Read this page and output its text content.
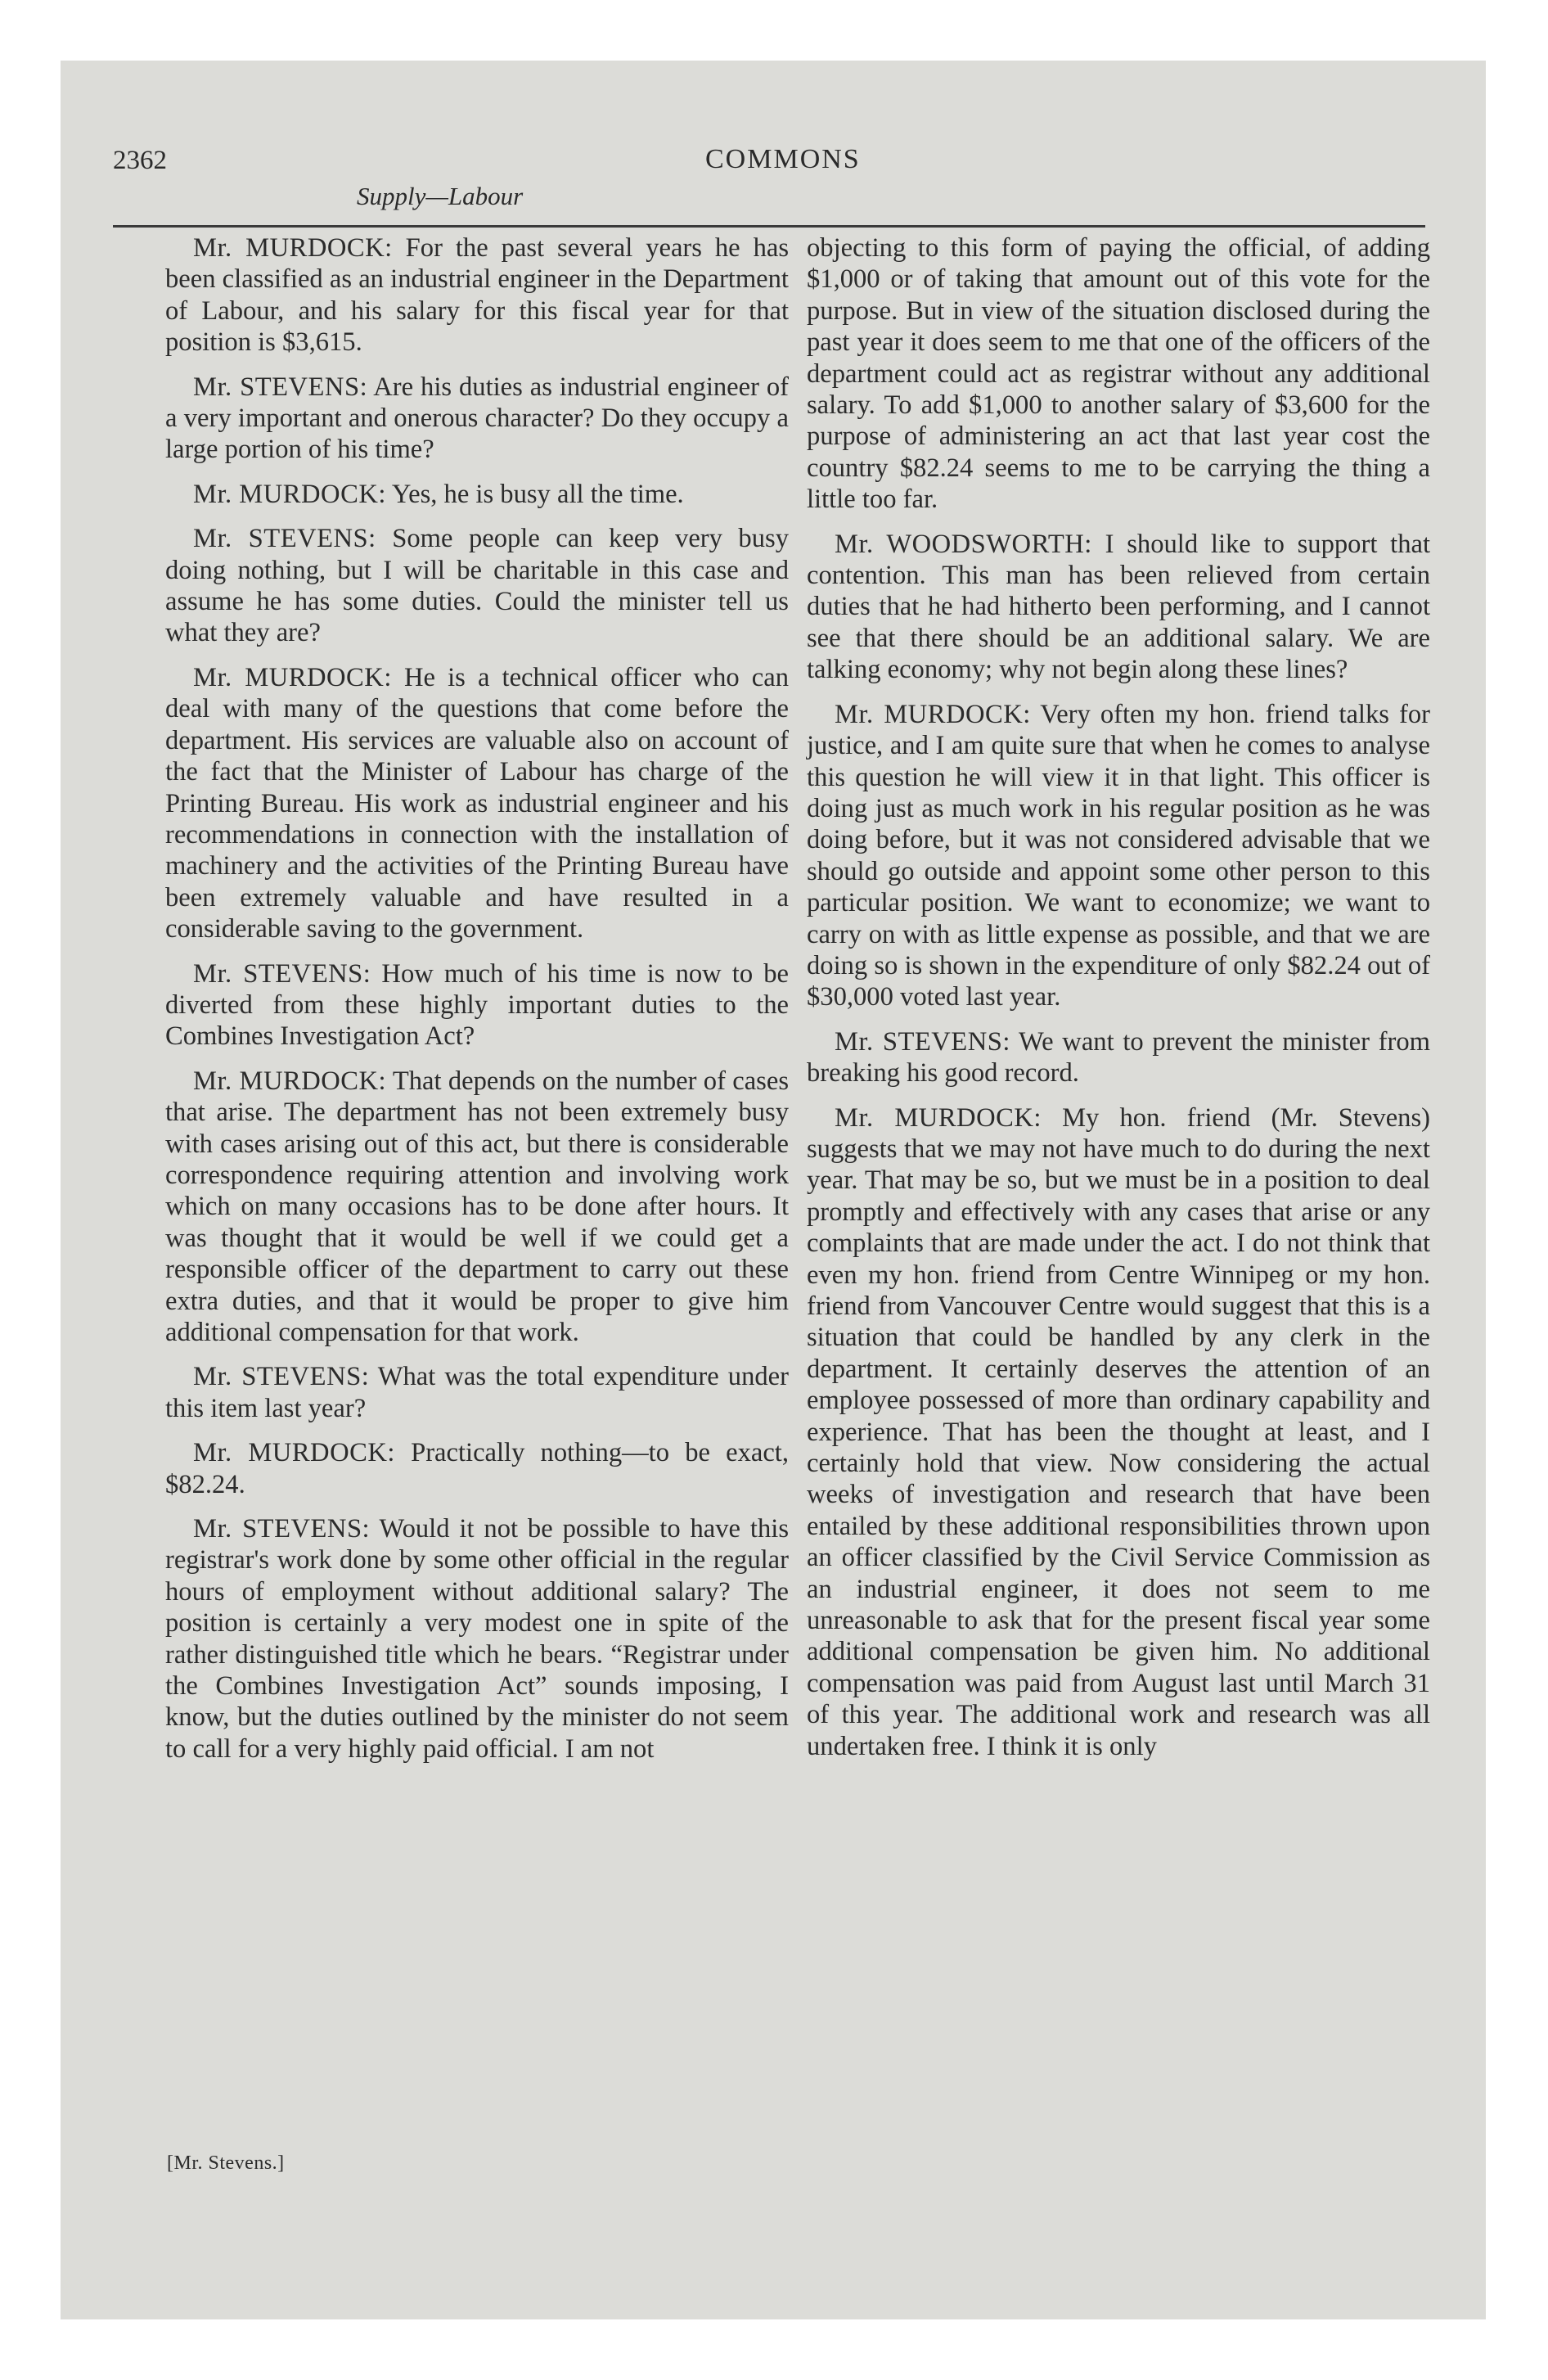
2362	COMMONS
Supply—Labour

Mr. MURDOCK: For the past several years he has been classified as an industrial engineer in the Department of Labour, and his salary for this fiscal year for that position is $3,615.

Mr. STEVENS: Are his duties as industrial engineer of a very important and onerous character? Do they occupy a large portion of his time?

Mr. MURDOCK: Yes, he is busy all the time.

Mr. STEVENS: Some people can keep very busy doing nothing, but I will be charitable in this case and assume he has some duties. Could the minister tell us what they are?

Mr. MURDOCK: He is a technical officer who can deal with many of the questions that come before the department. His services are valuable also on account of the fact that the Minister of Labour has charge of the Printing Bureau. His work as industrial engineer and his recommendations in connection with the installation of machinery and the activities of the Printing Bureau have been extremely valuable and have resulted in a considerable saving to the government.

Mr. STEVENS: How much of his time is now to be diverted from these highly important duties to the Combines Investigation Act?

Mr. MURDOCK: That depends on the number of cases that arise. The department has not been extremely busy with cases arising out of this act, but there is considerable correspondence requiring attention and involving work which on many occasions has to be done after hours. It was thought that it would be well if we could get a responsible officer of the department to carry out these extra duties, and that it would be proper to give him additional compensation for that work.

Mr. STEVENS: What was the total expenditure under this item last year?

Mr. MURDOCK: Practically nothing—to be exact, $82.24.

Mr. STEVENS: Would it not be possible to have this registrar's work done by some other official in the regular hours of employment without additional salary? The position is certainly a very modest one in spite of the rather distinguished title which he bears. “Registrar under the Combines Investigation Act” sounds imposing, I know, but the duties outlined by the minister do not seem to call for a very highly paid official. I am not

objecting to this form of paying the official, of adding $1,000 or of taking that amount out of this vote for the purpose. But in view of the situation disclosed during the past year it does seem to me that one of the officers of the department could act as registrar without any additional salary. To add $1,000 to another salary of $3,600 for the purpose of administering an act that last year cost the country $82.24 seems to me to be carrying the thing a little too far.

Mr. WOODSWORTH: I should like to support that contention. This man has been relieved from certain duties that he had hitherto been performing, and I cannot see that there should be an additional salary. We are talking economy; why not begin along these lines?

Mr. MURDOCK: Very often my hon. friend talks for justice, and I am quite sure that when he comes to analyse this question he will view it in that light. This officer is doing just as much work in his regular position as he was doing before, but it was not considered advisable that we should go outside and appoint some other person to this particular position. We want to economize; we want to carry on with as little expense as possible, and that we are doing so is shown in the expenditure of only $82.24 out of $30,000 voted last year.

Mr. STEVENS: We want to prevent the minister from breaking his good record.

Mr. MURDOCK: My hon. friend (Mr. Stevens) suggests that we may not have much to do during the next year. That may be so, but we must be in a position to deal promptly and effectively with any cases that arise or any complaints that are made under the act. I do not think that even my hon. friend from Centre Winnipeg or my hon. friend from Vancouver Centre would suggest that this is a situation that could be handled by any clerk in the department. It certainly deserves the attention of an employee possessed of more than ordinary capability and experience. That has been the thought at least, and I certainly hold that view. Now considering the actual weeks of investigation and research that have been entailed by these additional responsibilities thrown upon an officer classified by the Civil Service Commission as an industrial engineer, it does not seem to me unreasonable to ask that for the present fiscal year some additional compensation be given him. No additional compensation was paid from August last until March 31 of this year. The additional work and research was all undertaken free. I think it is only

[Mr. Stevens.]
